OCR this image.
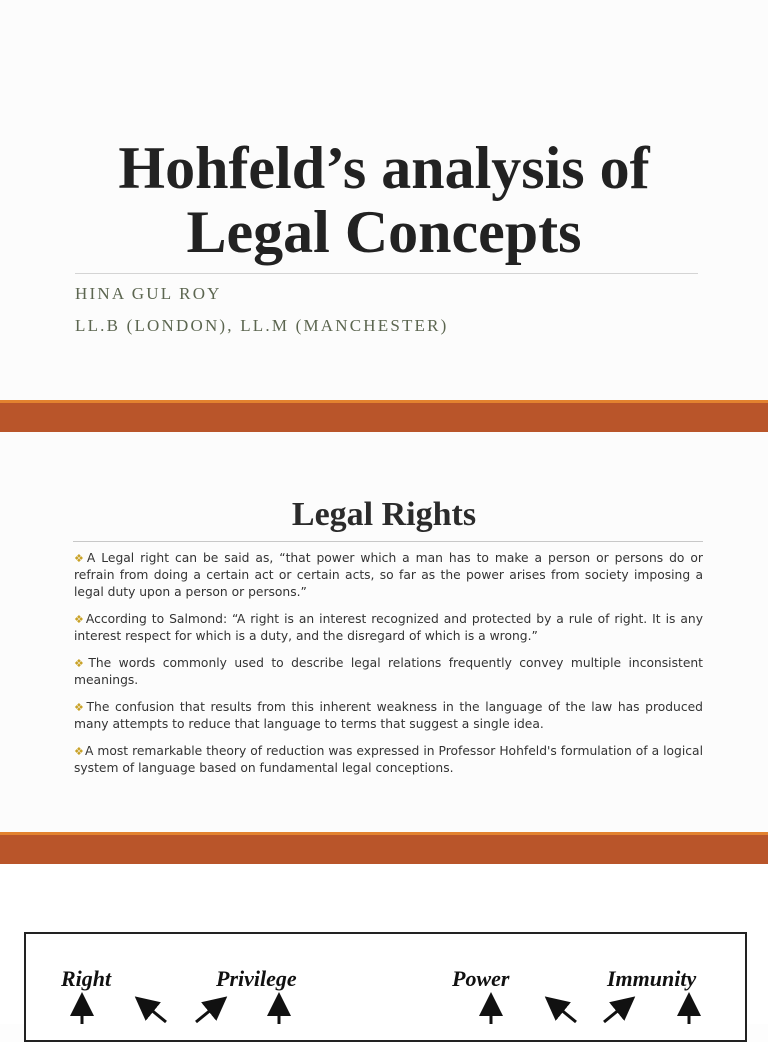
Hohfeld’s analysis of
Legal Concepts
HINA GUL ROY
LL.B (LONDON), LL.M (MANCHESTER)
Legal Rights
❖A Legal right can be said as, “that power which a man has to make a person or persons do or refrain from doing a certain act or certain acts, so far as the power arises from society imposing a legal duty upon a person or persons.”
❖According to Salmond: “A right is an interest recognized and protected by a rule of right. It is any interest respect for which is a duty, and the disregard of which is a wrong.”
❖The words commonly used to describe legal relations frequently convey multiple inconsistent meanings.
❖The confusion that results from this inherent weakness in the language of the law has produced many attempts to reduce that language to terms that suggest a single idea.
❖A most remarkable theory of reduction was expressed in Professor Hohfeld's formulation of a logical system of language based on fundamental legal conceptions.
Right	Privilege	Power	Immunity
